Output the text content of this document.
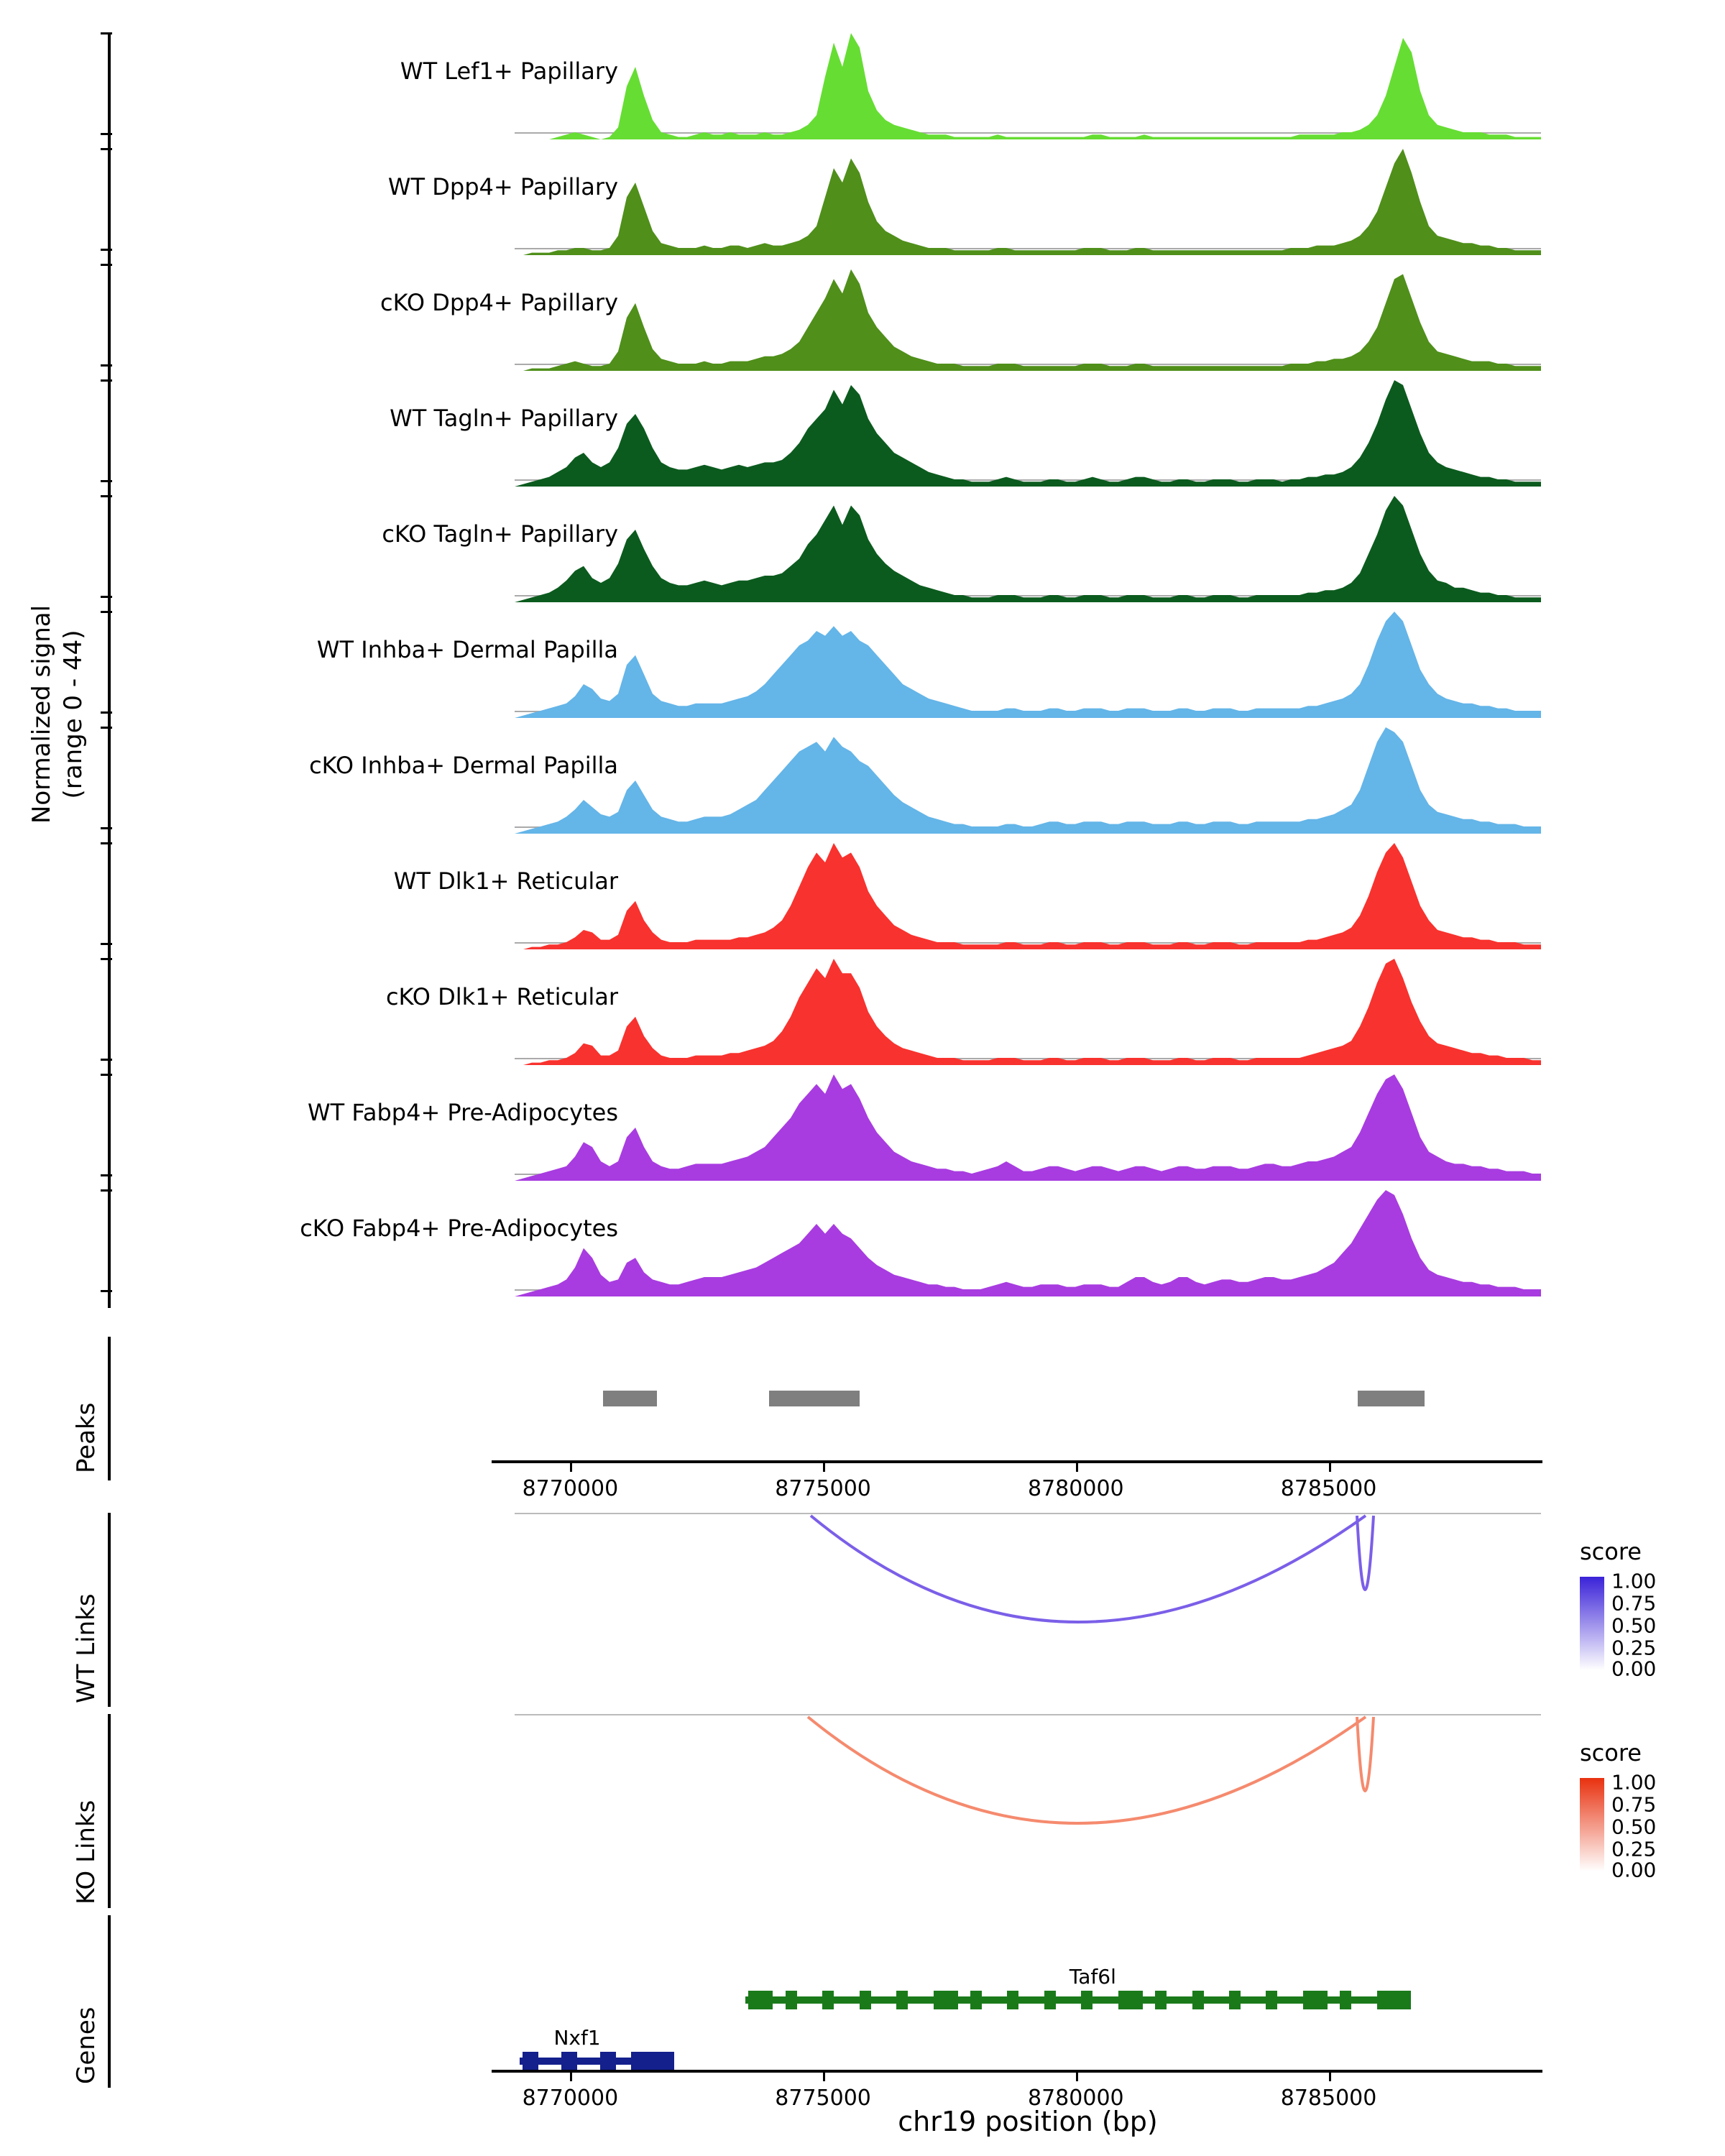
Normalized signal (range 0 - 44)
WT Lef1+ Papillary
WT Dpp4+ Papillary
cKO Dpp4+ Papillary
WT Tagln+ Papillary
cKO Tagln+ Papillary
WT Inhba+ Dermal Papilla
cKO Inhba+ Dermal Papilla
WT Dlk1+ Reticular
cKO Dlk1+ Reticular
WT Fabp4+ Pre-Adipocytes
cKO Fabp4+ Pre-Adipocytes
Peaks
8770000	8775000	8780000	8785000
WT Links
score
1.00
0.75
0.50
0.25
0.00
KO Links
score
1.00
0.75
0.50
0.25
0.00
Genes
Taf6l
Nxf1
8770000	8775000	8780000	8785000
chr19 position (bp)
